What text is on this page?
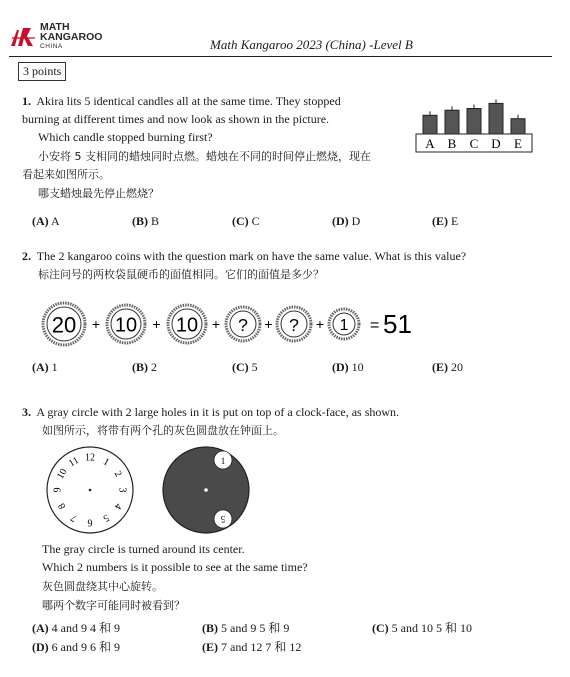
MATH
KANGAROO
CHINA	Math Kangaroo 2023 (China) -Level B
3 points
1. Akira lits 5 identical candles all at the same time. They stopped
burning at different times and now look as shown in the picture.
Which candle stopped burning first?
小安将 5 支相同的蜡烛同时点燃。蜡烛在不同的时间停止燃烧，现在
看起来如图所示。
哪支蜡烛最先停止燃烧？
A B C D E
(A) A	(B) B	(C) C	(D) D	(E) E
2. The 2 kangaroo coins with the question mark on have the same value. What is this value?
标注问号的两枚袋鼠硬币的面值相同。它们的面值是多少？
20 + 10 + 10 + ? + ? + 1 = 51
(A) 1	(B) 2	(C) 5	(D) 10	(E) 20
3. A gray circle with 2 large holes in it is put on top of a clock-face, as shown.
如图所示，将带有两个孔的灰色圆盘放在钟面上。
12 1
2
3
4
5
6
7
8
9
10
11	1
5
The gray circle is turned around its center.
Which 2 numbers is it possible to see at the same time?
灰色圆盘绕其中心旋转。
哪两个数字可能同时被看到？
(A) 4 and 9 4 和 9	(B) 5 and 9 5 和 9	(C) 5 and 10 5 和 10
(D) 6 and 9 6 和 9	(E) 7 and 12 7 和 12
